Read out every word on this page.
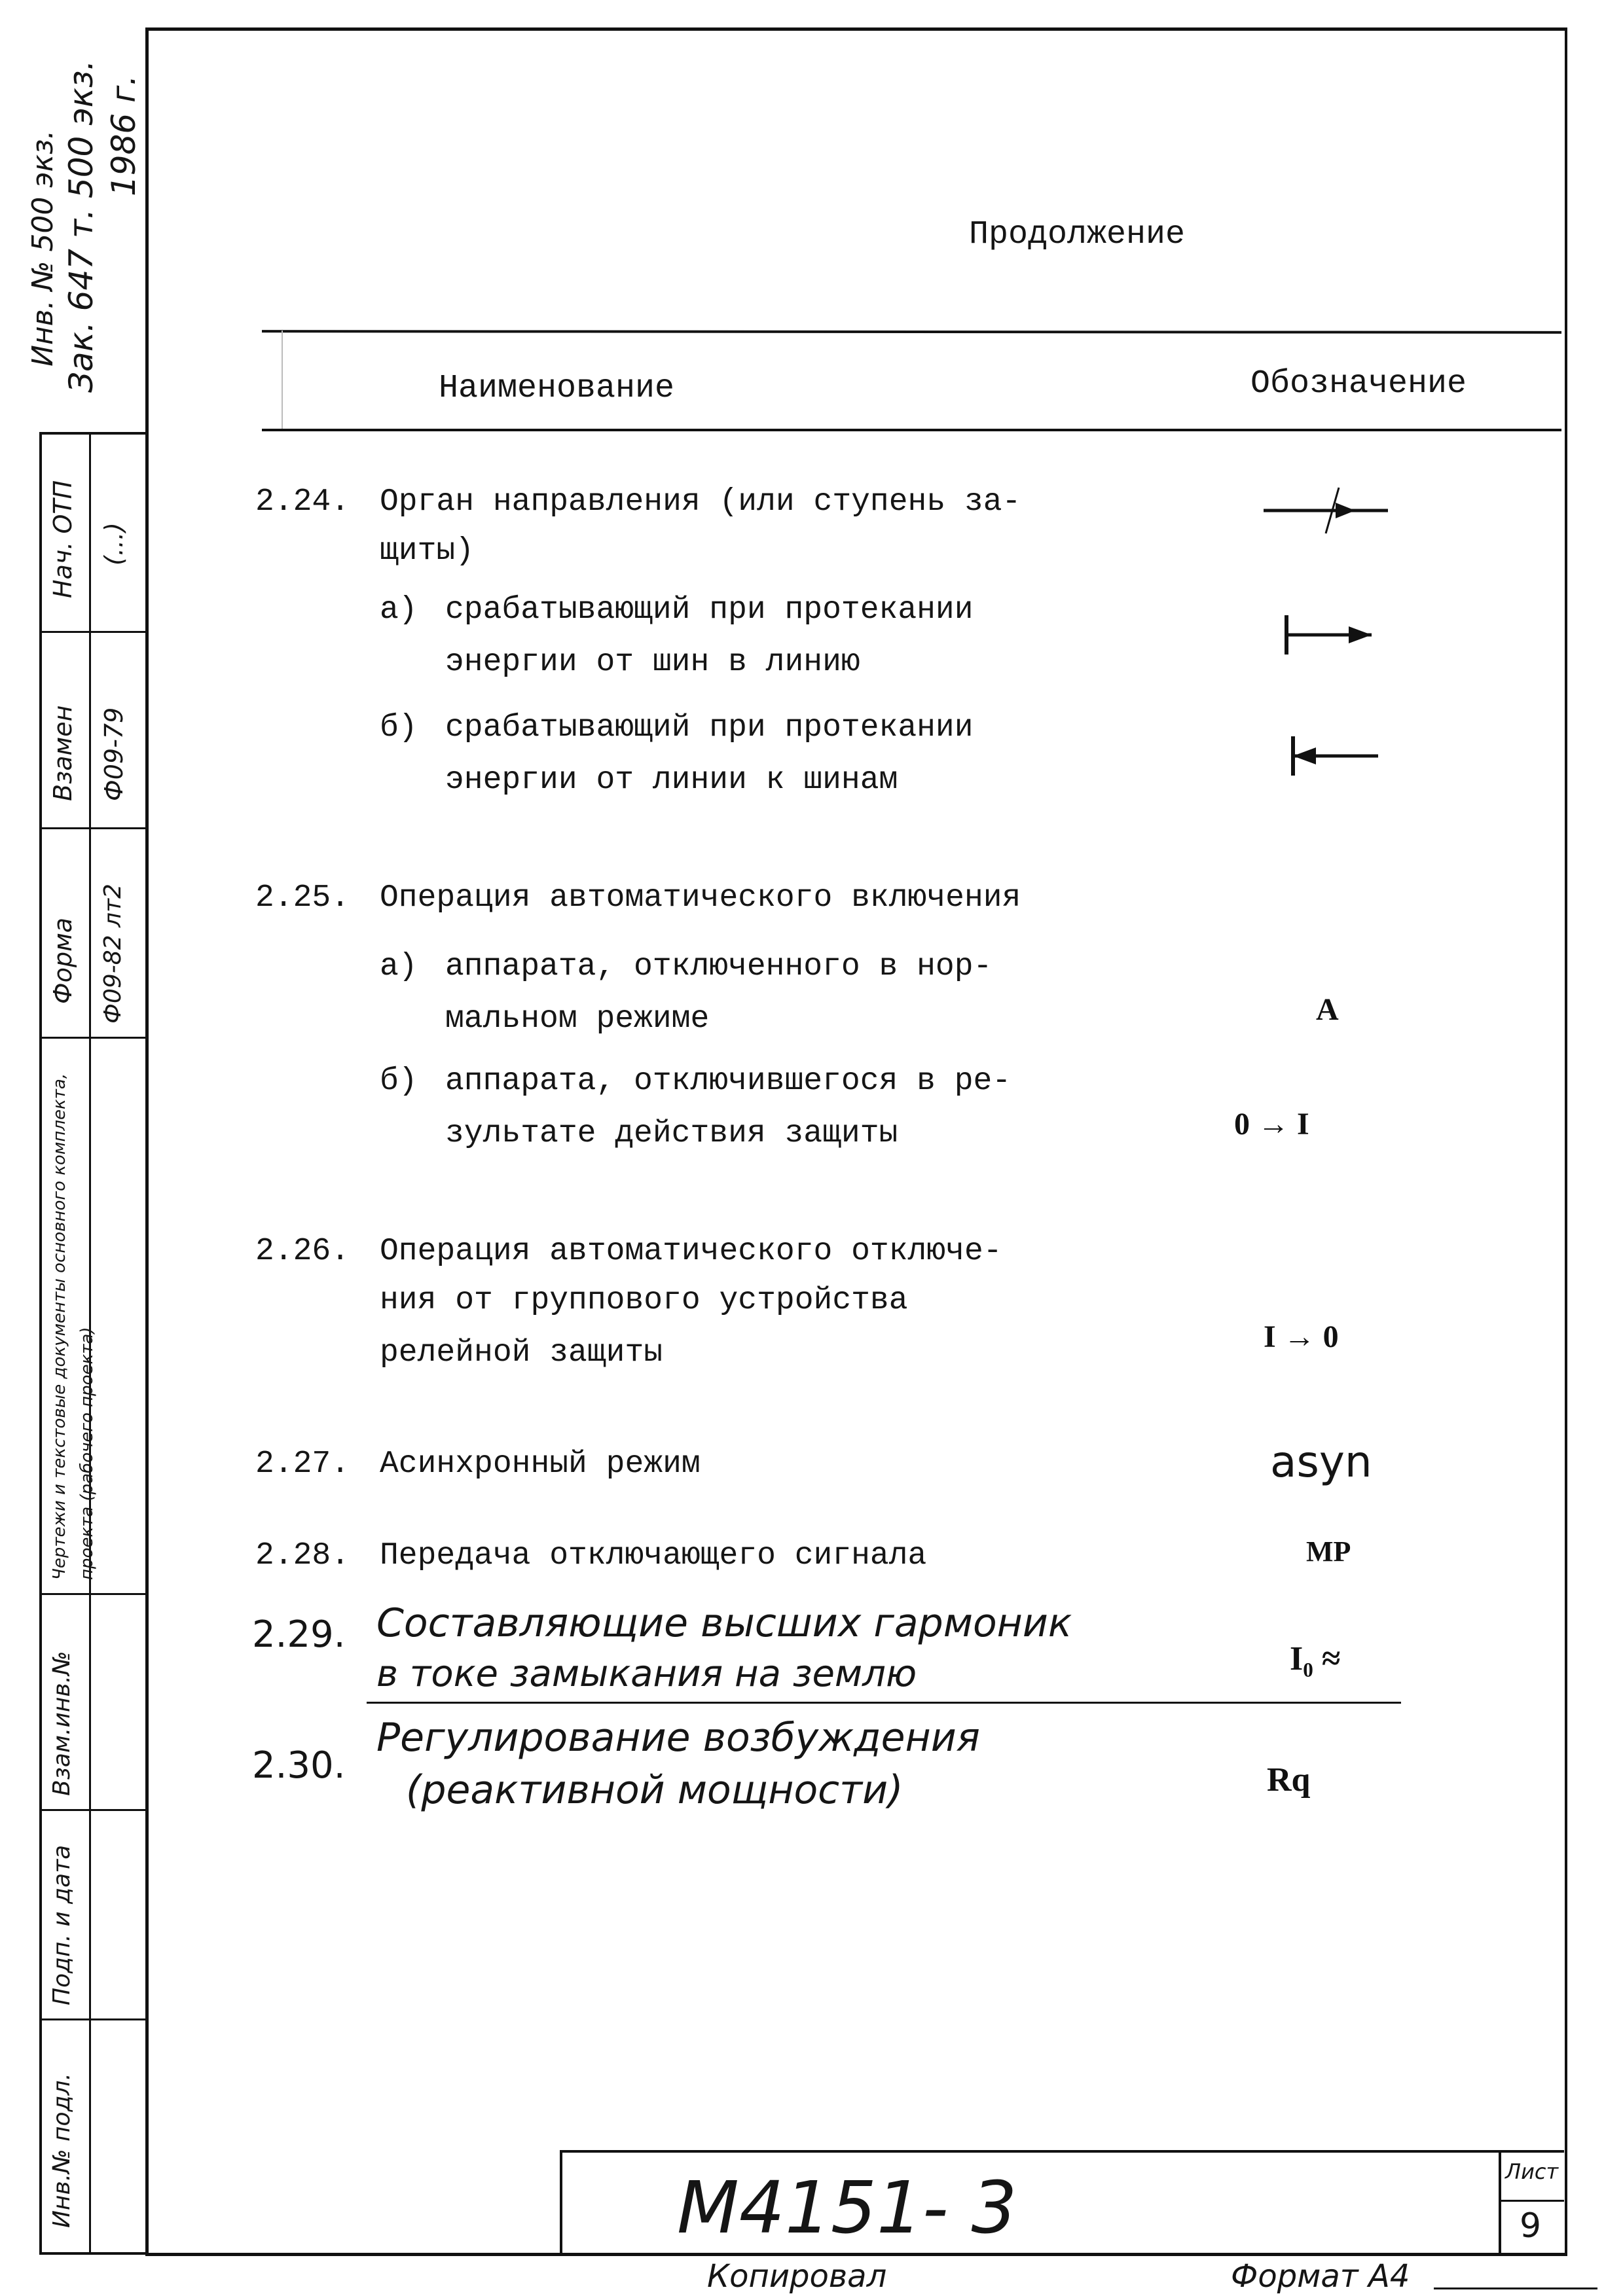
Инв. № 500 экз. Зак. 647 т. 500 экз. 1986 г.
Нач. ОТП (...)
Взамен Ф09-79
Форма Ф09-82 лт2
Чертежи и текстовые документы основного комплекта, проекта (рабочего проекта)
Взам.инв.№
Подп. и дата
Инв.№ подл.
Продолжение
Наименование	Обозначение
2.24. Орган направления (или ступень за-
щиты)
а) срабатывающий при протекании
энергии от шин в линию
б) срабатывающий при протекании
энергии от линии к шинам
2.25. Операция автоматического включения
а) аппарата, отключенного в нор-
мальном режиме	A
б) аппарата, отключившегося в ре-
зультате действия защиты	0 → I
2.26. Операция автоматического отключе-
ния от группового устройства
релейной защиты	I → 0
2.27. Асинхронный режим	asyn
2.28. Передача отключающего сигнала	MP
2.29. Составляющие высших гармоник
в токе замыкания на землю	I₀ ≈
2.30.
Регулирование возбуждения
(реактивной мощности)	Rq
M4151- 3	Лист
9
Копировал	Формат А4
